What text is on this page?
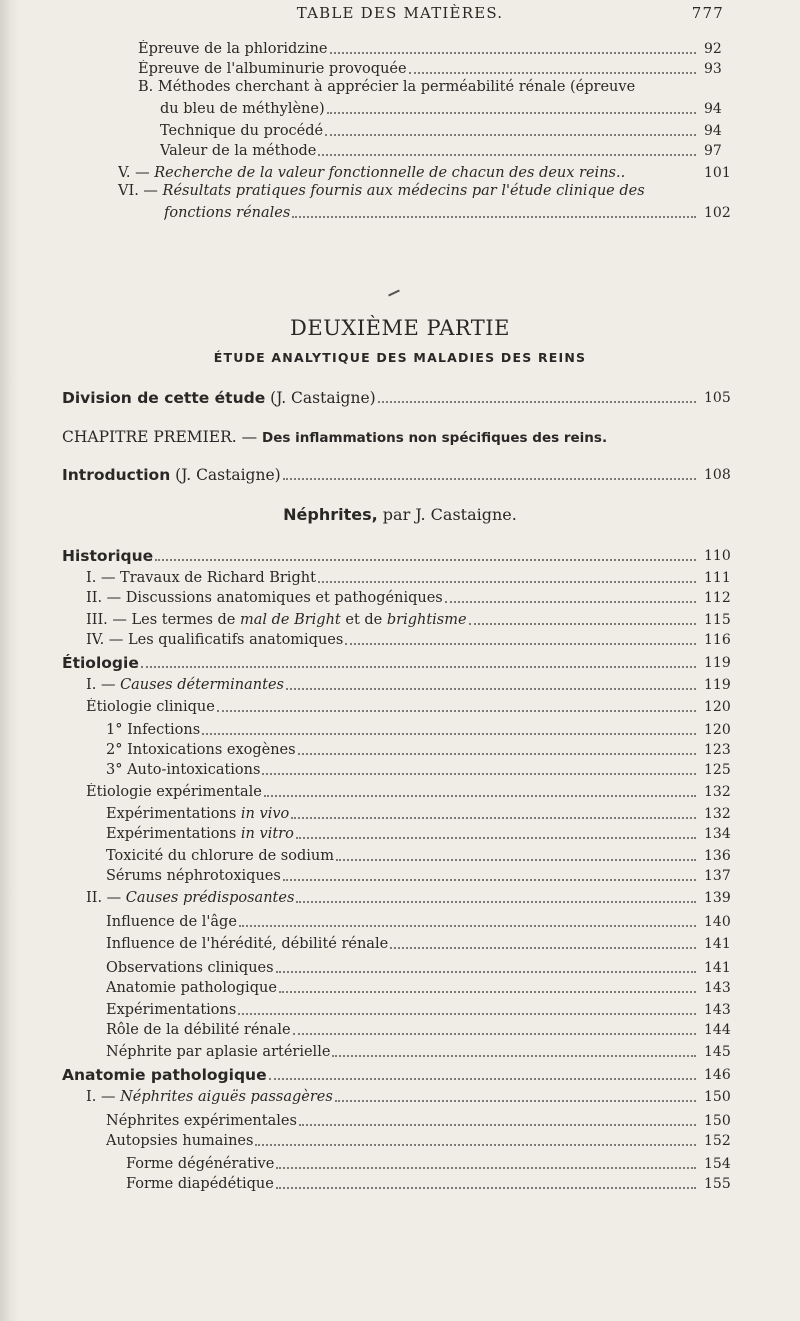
TABLE DES MATIÈRES.	777
Épreuve de la phloridzine	92
Épreuve de l'albuminurie provoquée	93
B. Méthodes cherchant à apprécier la perméabilité rénale (épreuve
du bleu de méthylène)	94
Technique du procédé	94
Valeur de la méthode	97
V. — Recherche de la valeur fonctionnelle de chacun des deux reins..	101
VI. — Résultats pratiques fournis aux médecins par l'étude clinique des
fonctions rénales	102
DEUXIÈME PARTIE
ÉTUDE ANALYTIQUE DES MALADIES DES REINS
Division de cette étude (J. Castaigne)	105
CHAPITRE PREMIER. — Des inflammations non spécifiques des reins.
Introduction (J. Castaigne)	108
Néphrites, par J. Castaigne.
Historique	110
I. — Travaux de Richard Bright	111
II. — Discussions anatomiques et pathogéniques	112
III. — Les termes de mal de Bright et de brightisme	115
IV. — Les qualificatifs anatomiques	116
Étiologie	119
I. — Causes déterminantes	119
Étiologie clinique	120
1° Infections	120
2° Intoxications exogènes	123
3° Auto-intoxications	125
Étiologie expérimentale	132
Expérimentations in vivo	132
Expérimentations in vitro	134
Toxicité du chlorure de sodium	136
Sérums néphrotoxiques	137
II. — Causes prédisposantes	139
Influence de l'âge	140
Influence de l'hérédité, débilité rénale	141
Observations cliniques	141
Anatomie pathologique	143
Expérimentations	143
Rôle de la débilité rénale	144
Néphrite par aplasie artérielle	145
Anatomie pathologique	146
I. — Néphrites aiguës passagères	150
Néphrites expérimentales	150
Autopsies humaines	152
Forme dégénérative	154
Forme diapédétique	155
